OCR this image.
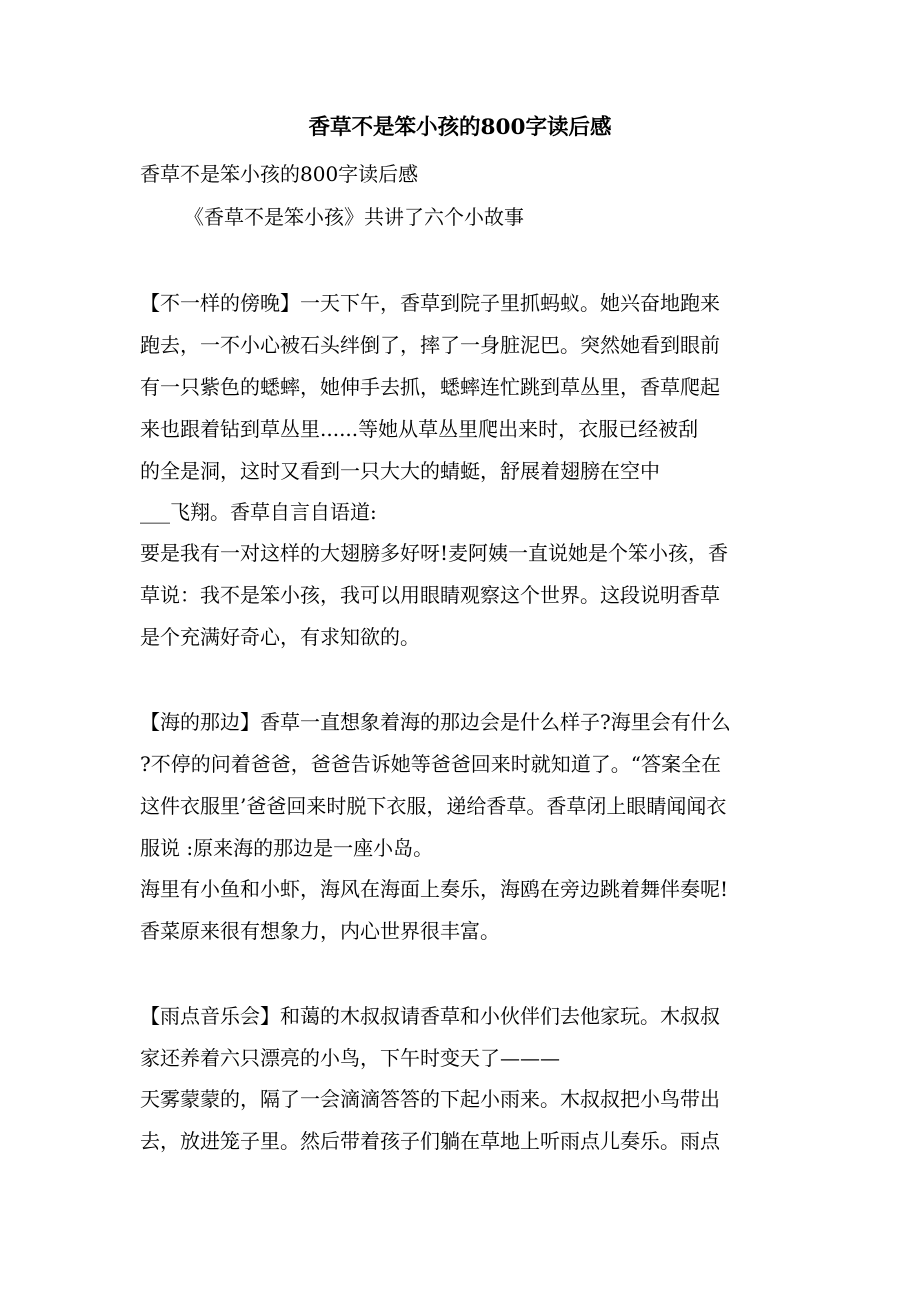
香草不是笨小孩的800字读后感
香草不是笨小孩的800字读后感
《香草不是笨小孩》共讲了六个小故事
【不一样的傍晚】一天下午，香草到院子里抓蚂蚁。她兴奋地跑来
跑去，一不小心被石头绊倒了，摔了一身脏泥巴。突然她看到眼前
有一只紫色的蟋蟀，她伸手去抓，蟋蟀连忙跳到草丛里，香草爬起
来也跟着钻到草丛里......等她从草丛里爬出来时，衣服已经被刮
的全是洞，这时又看到一只大大的蜻蜓，舒展着翅膀在空中
___飞翔。香草自言自语道:
要是我有一对这样的大翅膀多好呀!麦阿姨一直说她是个笨小孩，香
草说：我不是笨小孩，我可以用眼睛观察这个世界。这段说明香草
是个充满好奇心，有求知欲的。
【海的那边】香草一直想象着海的那边会是什么样子?海里会有什么
?不停的问着爸爸，爸爸告诉她等爸爸回来时就知道了。“答案全在
这件衣服里’爸爸回来时脱下衣服，递给香草。香草闭上眼睛闻闻衣
服说 :原来海的那边是一座小岛。
海里有小鱼和小虾，海风在海面上奏乐，海鸥在旁边跳着舞伴奏呢!
香菜原来很有想象力，内心世界很丰富。
【雨点音乐会】和蔼的木叔叔请香草和小伙伴们去他家玩。木叔叔
家还养着六只漂亮的小鸟，下午时变天了———
天雾蒙蒙的，隔了一会滴滴答答的下起小雨来。木叔叔把小鸟带出
去，放进笼子里。然后带着孩子们躺在草地上听雨点儿奏乐。雨点
